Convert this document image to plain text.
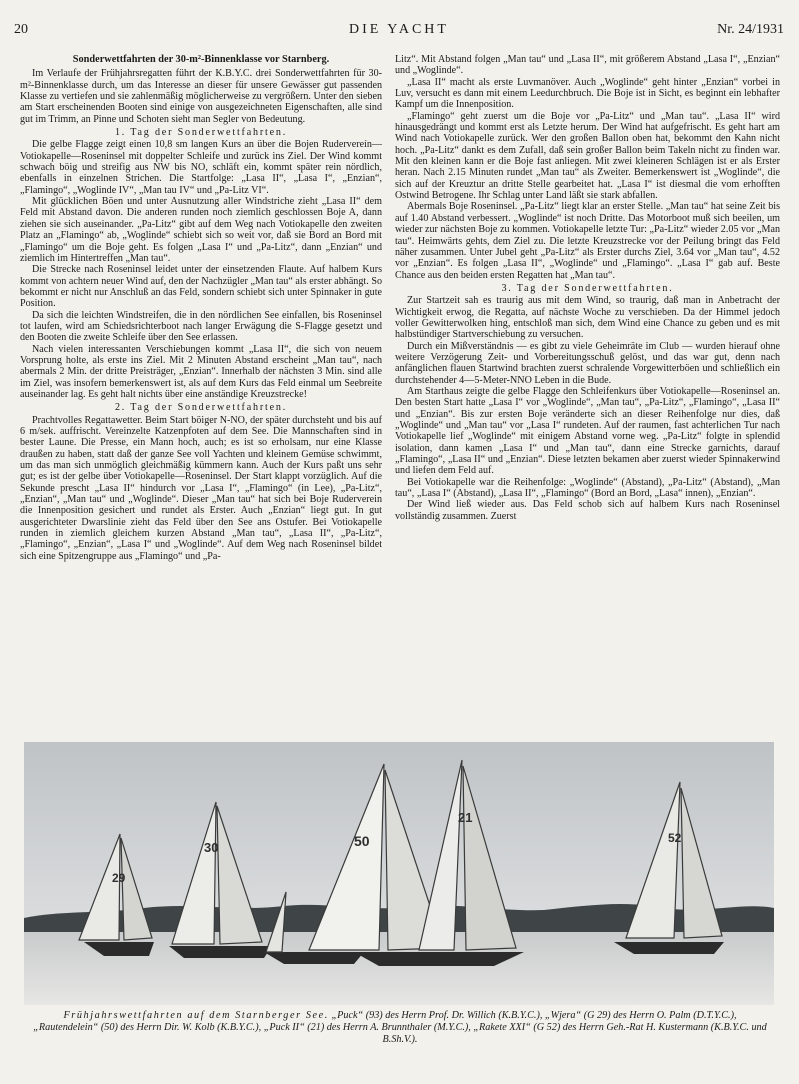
20	DIE YACHT	Nr. 24/1931
Sonderwettfahrten der 30-m²-Binnenklasse vor Starnberg.

Im Verlaufe der Frühjahrsregatten führt der K.B.Y.C. drei Sonderwettfahrten für 30-m²-Binnenklasse durch, um das Interesse an dieser für unsere Gewässer gut passenden Klasse zu vertiefen und sie zahlenmäßig möglicherweise zu vergrößern. Unter den sieben am Start erscheinenden Booten sind einige von ausgezeichneten Eigenschaften, alle sind gut im Trimm, an Pinne und Schoten sieht man Segler von Bedeutung.

1. Tag der Sonderwettfahrten.

Die gelbe Flagge zeigt einen 10,8 sm langen Kurs an über die Bojen Rudervereín—Votiokapelle—Roseninsel mit doppelter Schleife und zurück ins Ziel. Der Wind kommt schwach böig und streifig aus NW bis NO, schläft ein, kommt später rein nördlich, ebenfalls in einzelnen Strichen. Die Startfolge: „Lasa II“, „Lasa I“, „Enzian“, „Flamingo“, „Woglinde IV“, „Man tau IV“ und „Pa-Litz VI“.

Mit glücklichen Böen und unter Ausnutzung aller Windstriche zieht „Lasa II“ dem Feld mit Abstand davon. Die anderen runden noch ziemlich geschlossen Boje A, dann ziehen sie sich auseinander. „Pa-Litz“ gibt auf dem Weg nach Votiokapelle den zweiten Platz an „Flamingo“ ab, „Woglinde“ schiebt sich so weit vor, daß sie Bord an Bord mit „Flamingo“ um die Boje geht. Es folgen „Lasa I“ und „Pa-Litz“, dann „Enzian“ und ziemlich im Hintertreffen „Man tau“.

Die Strecke nach Roseninsel leidet unter der einsetzenden Flaute. Auf halbem Kurs kommt von achtern neuer Wind auf, den der Nachzügler „Man tau“ als erster abhängt. So bekommt er nicht nur Anschluß an das Feld, sondern schiebt sich unter Spinnaker in gute Position.

Da sich die leichten Windstreifen, die in den nördlichen See einfallen, bis Roseninsel tot laufen, wird am Schiedsrichterboot nach langer Erwägung die S-Flagge gesetzt und den Booten die zweite Schleife über den See erlassen.

Nach vielen interessanten Verschiebungen kommt „Lasa II“, die sich von neuem Vorsprung holte, als erste ins Ziel. Mit 2 Minuten Abstand erscheint „Man tau“, nach abermals 2 Min. der dritte Preisträger, „Enzian“. Innerhalb der nächsten 3 Min. sind alle im Ziel, was insofern bemerkenswert ist, als auf dem Kurs das Feld einmal um Seebreite auseinander lag. Es geht halt nichts über eine anständige Kreuzstrecke!

2. Tag der Sonderwettfahrten.

Prachtvolles Regattawetter. Beim Start böiger N-NO, der später durchsteht und bis auf 6 m/sek. auffrischt. Vereinzelte Katzenpfoten auf dem See. Die Mannschaften sind in bester Laune. Die Presse, ein Mann hoch, auch; es ist so erholsam, nur eine Klasse draußen zu haben, statt daß der ganze See voll Yachten und kleinem Gemüse schwimmt, um das man sich unmöglich gleichmäßig kümmern kann. Auch der Kurs paßt uns sehr gut; es ist der gelbe über Votiokapelle—Roseninsel. Der Start klappt vorzüglich. Auf die Sekunde prescht „Lasa II“ hindurch vor „Lasa I“, „Flamingo“ (in Lee), „Pa-Litz“, „Enzian“, „Man tau“ und „Woglinde“. Dieser „Man tau“ hat sich bei Boje Ruderverein die Innenposition gesichert und rundet als Erster. Auch „Enzian“ liegt gut. In gut ausgerichteter Dwarslinie zieht das Feld über den See ans Ostufer. Bei Votiokapelle runden in ziemlich gleichem kurzen Abstand „Man tau“, „Lasa II“, „Pa-Litz“, „Flamingo“, „Enzian“, „Lasa I“ und „Woglinde“. Auf dem Weg nach Roseninsel bildet sich eine Spitzengruppe aus „Flamingo“ und „Pa-

Litz“. Mit Abstand folgen „Man tau“ und „Lasa II“, mit größerem Abstand „Lasa I“, „Enzian“ und „Woglinde“.

„Lasa II“ macht als erste Luvmanöver. Auch „Woglinde“ geht hinter „Enzian“ vorbei in Luv, versucht es dann mit einem Leedurchbruch. Die Boje ist in Sicht, es beginnt ein lebhafter Kampf um die Innenposition.

„Flamingo“ geht zuerst um die Boje vor „Pa-Litz“ und „Man tau“. „Lasa II“ wird hinausgedrängt und kommt erst als Letzte herum. Der Wind hat aufgefrischt. Es geht hart am Wind nach Votiokapelle zurück. Wer den großen Ballon oben hat, bekommt den Kahn nicht hoch. „Pa-Litz“ dankt es dem Zufall, daß sein großer Ballon beim Takeln nicht zu finden war. Mit den kleinen kann er die Boje fast anliegen. Mit zwei kleineren Schlägen ist er als Erster heran. Nach 2.15 Minuten rundet „Man tau“ als Zweiter. Bemerkenswert ist „Woglinde“, die sich auf der Kreuztur an dritte Stelle gearbeitet hat. „Lasa I“ ist diesmal die vom erhofften Ostwind Betrogene. Ihr Schlag unter Land läßt sie stark abfallen.

Abermals Boje Roseninsel. „Pa-Litz“ liegt klar an erster Stelle. „Man tau“ hat seine Zeit bis auf 1.40 Abstand verbessert. „Woglinde“ ist noch Dritte. Das Motorboot muß sich beeilen, um wieder zur nächsten Boje zu kommen. Votiokapelle letzte Tur: „Pa-Litz“ wieder 2.05 vor „Man tau“. Heimwärts gehts, dem Ziel zu. Die letzte Kreuzstrecke vor der Peilung bringt das Feld näher zusammen. Unter Jubel geht „Pa-Litz“ als Erster durchs Ziel, 3.64 vor „Man tau“, 4.52 vor „Enzian“. Es folgen „Lasa II“, „Woglinde“ und „Flamingo“. „Lasa I“ gab auf. Beste Chance aus den beiden ersten Regatten hat „Man tau“.

3. Tag der Sonderwettfahrten.

Zur Startzeit sah es traurig aus mit dem Wind, so traurig, daß man in Anbetracht der Wichtigkeit erwog, die Regatta, auf nächste Woche zu verschieben. Da der Himmel jedoch voller Gewitterwolken hing, entschloß man sich, dem Wind eine Chance zu geben und es mit halbstündiger Startverschiebung zu versuchen.

Durch ein Mißverständnis — es gibt zu viele Geheimräte im Club — wurden hierauf ohne weitere Verzögerung Zeit- und Vorbereitungsschuß gelöst, und das war gut, denn nach anfänglichen flauen Startwind brachten zuerst schralende Vorgewitterböen und schließlich ein durchstehender 4—5-Meter-NNO Leben in die Bude.

Am Starthaus zeigte die gelbe Flagge den Schleifenkurs über Votiokapelle—Roseninsel an. Den besten Start hatte „Lasa I“ vor „Woglinde“, „Man tau“, „Pa-Litz“, „Flamingo“, „Lasa II“ und „Enzian“. Bis zur ersten Boje veränderte sich an dieser Reihenfolge nur dies, daß „Woglinde“ und „Man tau“ vor „Lasa I“ rundeten. Auf der raumen, fast achterlichen Tur nach Votiokapelle lief „Woglinde“ mit einigem Abstand vorne weg. „Pa-Litz“ folgte in splendid isolation, dann kamen „Lasa I“ und „Man tau“, dann eine Strecke garnichts, darauf „Flamingo“, „Lasa II“ und „Enzian“. Diese letzten bekamen aber zuerst wieder Spinnakerwind und liefen dem Feld auf.

Bei Votiokapelle war die Reihenfolge: „Woglinde“ (Abstand), „Pa-Litz“ (Abstand), „Man tau“, „Lasa I“ (Abstand), „Lasa II“, „Flamingo“ (Bord an Bord, „Lasa“ innen), „Enzian“.

Der Wind ließ wieder aus. Das Feld schob sich auf halbem Kurs nach Roseninsel vollständig zusammen. Zuerst

29
30	50
21
52
Frühjahrswettfahrten auf dem Starnberger See. „Puck“ (93) des Herrn Prof. Dr. Willich (K.B.Y.C.), „Wjera“ (G 29) des Herrn O. Palm (D.T.Y.C.), „Rautendelein“ (50) des Herrn Dir. W. Kolb (K.B.Y.C.), „Puck II“ (21) des Herrn A. Brunnthaler (M.Y.C.), „Rakete XXI“ (G 52) des Herrn Geh.-Rat H. Kustermann (K.B.Y.C. und B.Sh.V.).
